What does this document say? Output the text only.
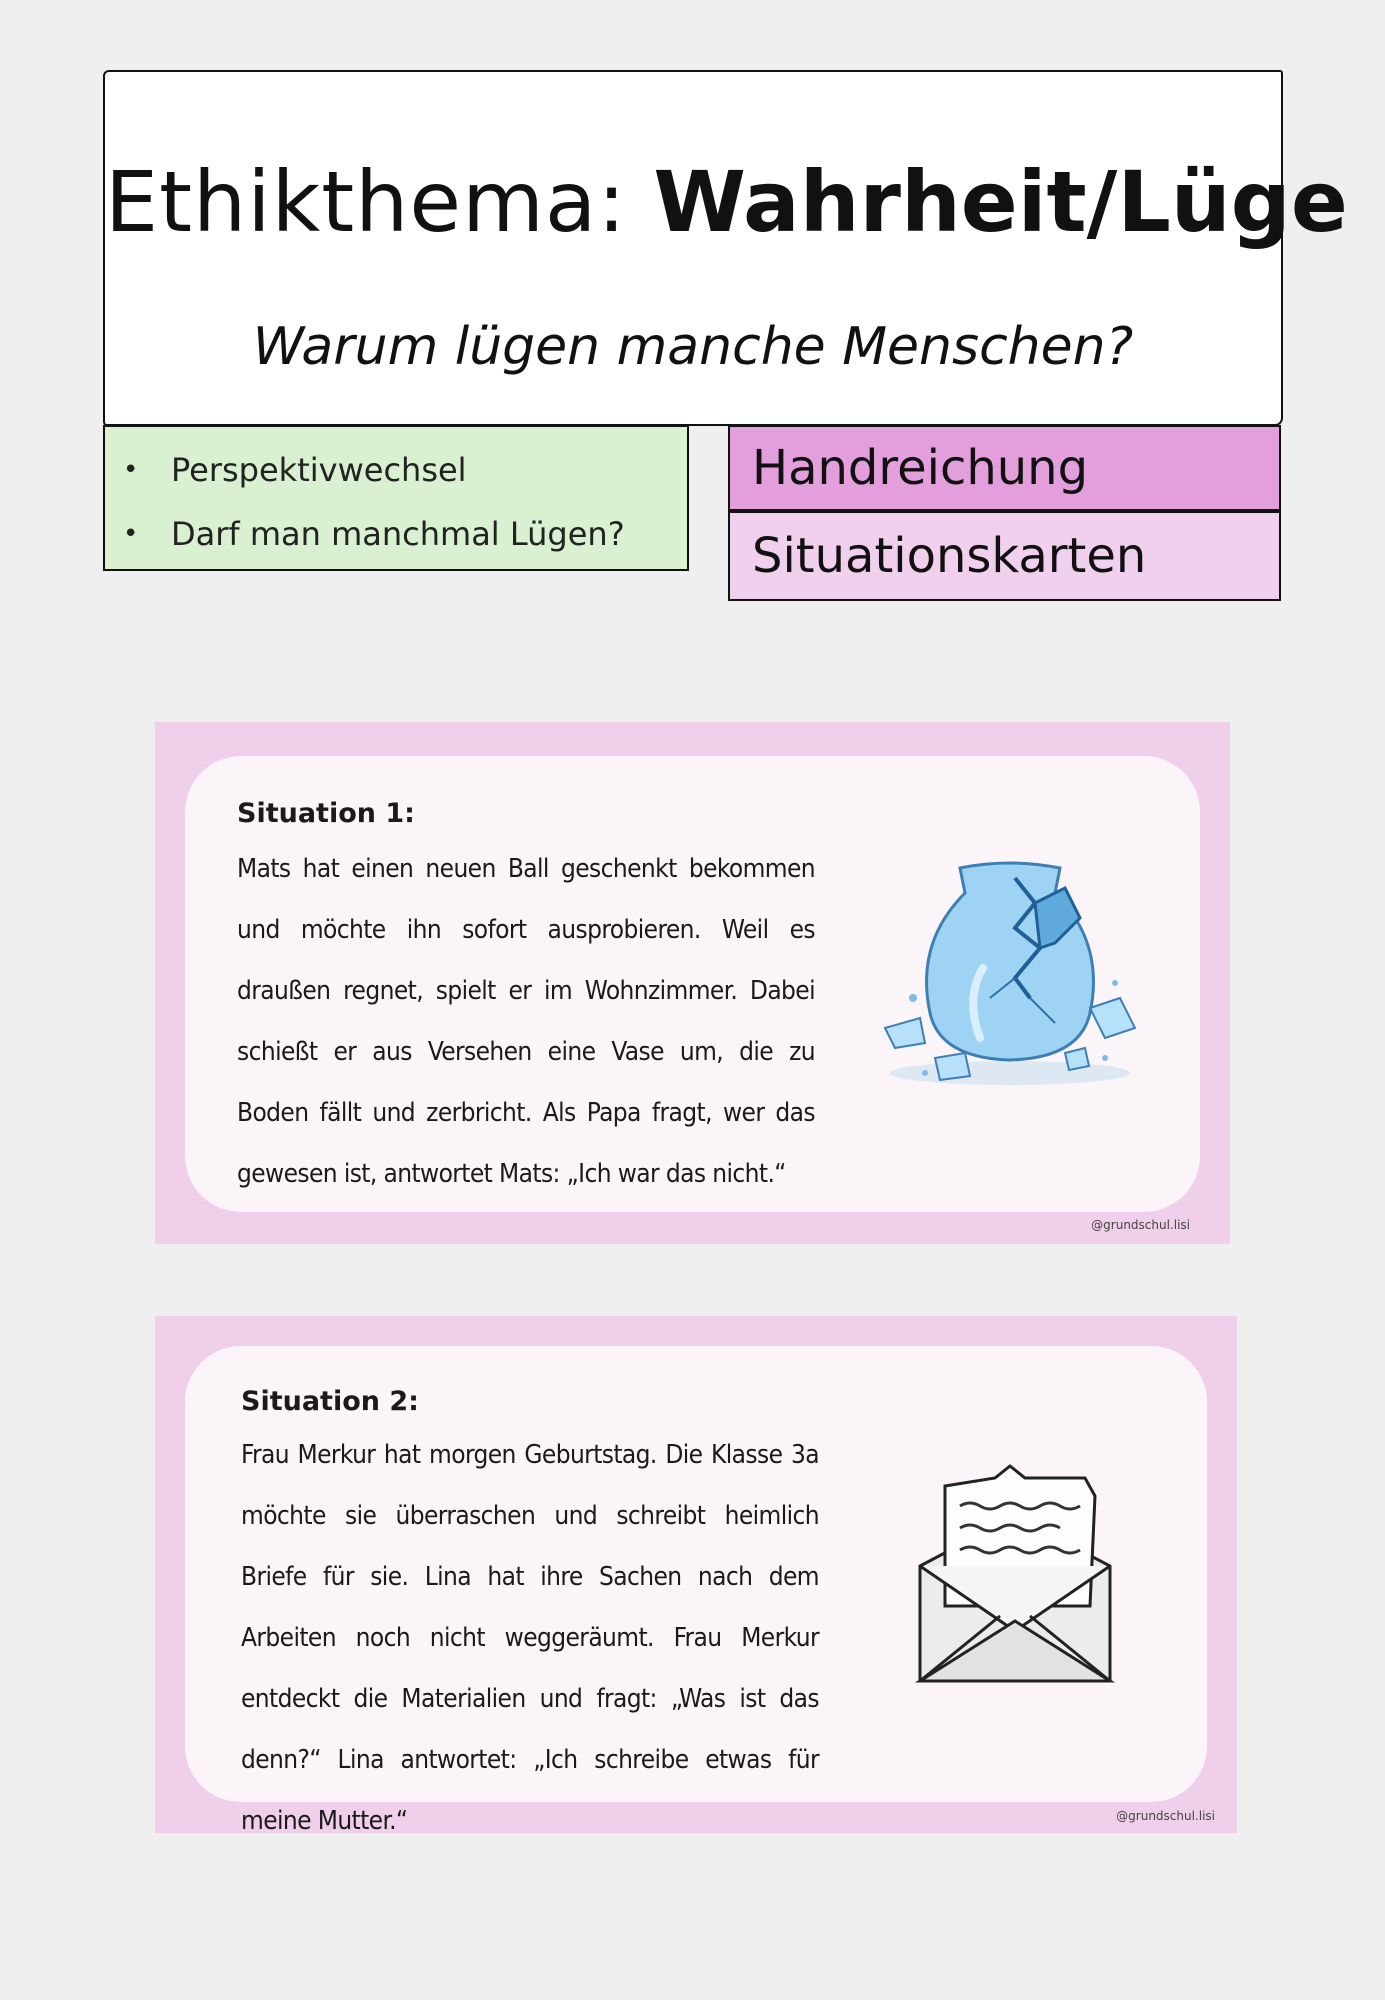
Ethikthema: Wahrheit/Lüge
Warum lügen manche Menschen?
•	Perspektivwechsel
•	Darf man manchmal Lügen?
Handreichung
Situationskarten
Situation 1:
Mats hat einen neuen Ball geschenkt bekommen und möchte ihn sofort ausprobieren. Weil es draußen regnet, spielt er im Wohnzimmer. Dabei schießt er aus Versehen eine Vase um, die zu Boden fällt und zerbricht. Als Papa fragt, wer das gewesen ist, antwortet Mats: „Ich war das nicht.“
@grundschul.lisi
Situation 2:
Frau Merkur hat morgen Geburtstag. Die Klasse 3a möchte sie überraschen und schreibt heimlich Briefe für sie. Lina hat ihre Sachen nach dem Arbeiten noch nicht weggeräumt. Frau Merkur entdeckt die Materialien und fragt: „Was ist das denn?“ Lina antwortet: „Ich schreibe etwas für meine Mutter.“	@grundschul.lisi
